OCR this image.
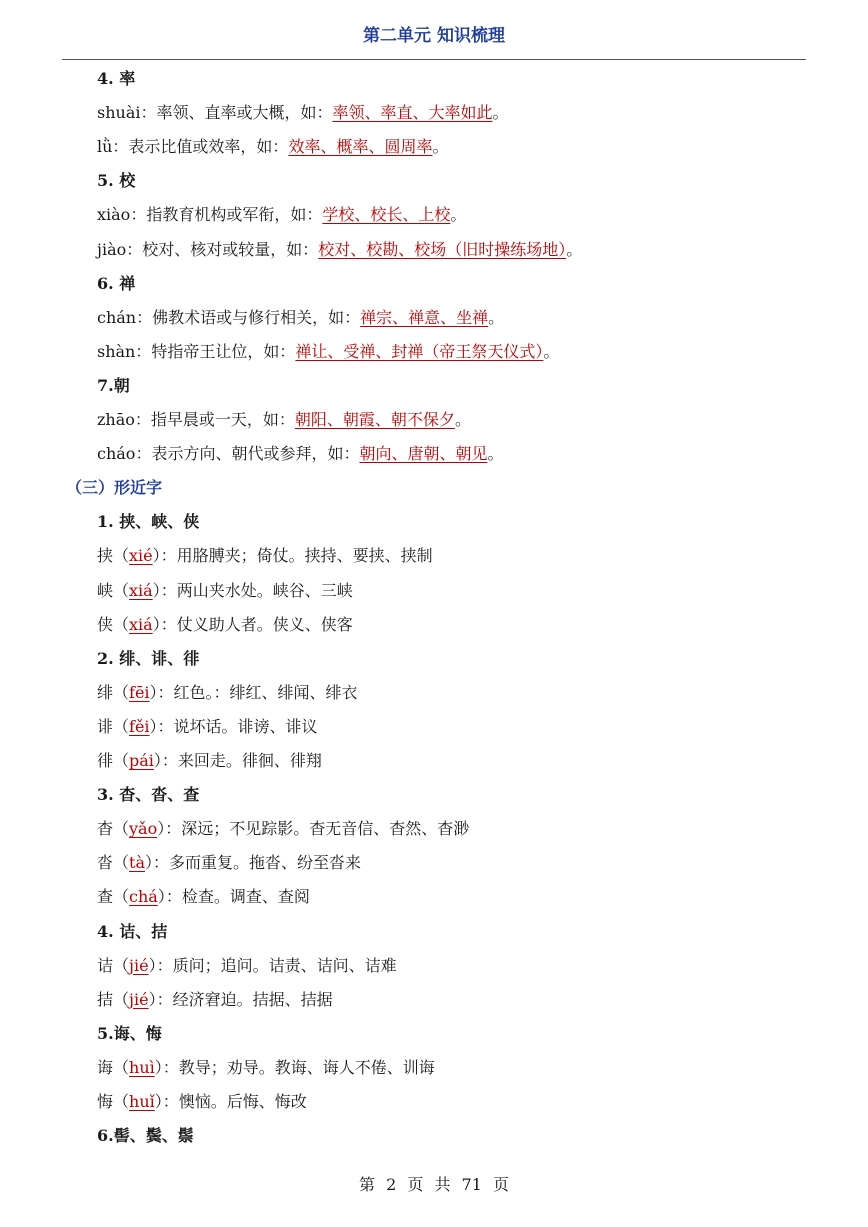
第二单元 知识梳理
4. 率
shuài：率领、直率或大概，如：率领、率直、大率如此。
lǜ：表示比值或效率，如：效率、概率、圆周率。
5. 校
xiào：指教育机构或军衔，如：学校、校长、上校。
jiào：校对、核对或较量，如：校对、校勘、校场（旧时操练场地）。
6. 禅
chán：佛教术语或与修行相关，如：禅宗、禅意、坐禅。
shàn：特指帝王让位，如：禅让、受禅、封禅（帝王祭天仪式）。
7.朝
zhāo：指早晨或一天，如：朝阳、朝霞、朝不保夕。
cháo：表示方向、朝代或参拜，如：朝向、唐朝、朝见。
（三）形近字
1. 挟、峡、侠
挟（xié）：用胳膊夹；倚仗。挟持、要挟、挟制
峡（xiá）：两山夹水处。峡谷、三峡
侠（xiá）：仗义助人者。侠义、侠客
2. 绯、诽、徘
绯（fēi）：红色。：绯红、绯闻、绯衣
诽（fěi）：说坏话。诽谤、诽议
徘（pái）：来回走。徘徊、徘翔
3. 杳、沓、查
杳（yǎo）：深远；不见踪影。杳无音信、杳然、杳渺
沓（tà）：多而重复。拖沓、纷至沓来
查（chá）：检查。调查、查阅
4. 诘、拮
诘（jié）：质问；追问。诘责、诘问、诘难
拮（jié）：经济窘迫。拮据、拮据
5.诲、悔
诲（huì）：教导；劝导。教诲、诲人不倦、训诲
悔（huǐ）：懊恼。后悔、悔改
6.髻、鬓、鬃
第 2 页 共 71 页
